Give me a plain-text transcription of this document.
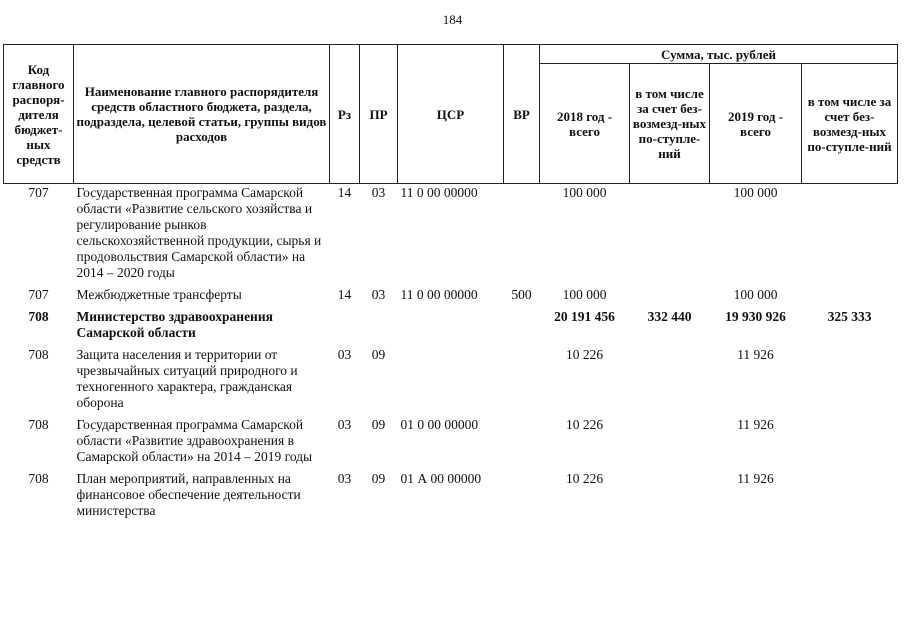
184
Код главного распоря-дителя бюджет-ных средств	Наименование главного распорядителя средств областного бюджета, раздела, подраздела, целевой статьи, группы видов расходов	Рз	ПР	ЦСР	ВР	Сумма, тыс. рублей			
						2018 год - всего	в том числе за счет без-возмезд-ных по-ступле-ний	2019 год - всего	в том числе за счет без-возмезд-ных по-ступле-ний
707	Государственная программа Самарской области «Развитие сельского хозяйства и регулирование рынков сельскохозяйственной продукции, сырья и продовольствия Самарской области» на 2014 – 2020 годы	14	03	11 0 00 00000		100 000		100 000	
707	Межбюджетные трансферты	14	03	11 0 00 00000	500	100 000		100 000	
708	Министерство здравоохранения Самарской области					20 191 456	332 440	19 930 926	325 333
708	Защита населения и территории от чрезвычайных ситуаций природного и техногенного характера, гражданская оборона	03	09			10 226		11 926	
708	Государственная программа Самарской области «Развитие здравоохранения в Самарской области» на 2014 – 2019 годы	03	09	01 0 00 00000		10 226		11 926	
708	План мероприятий, направленных на финансовое обеспечение деятельности министерства	03	09	01 А 00 00000		10 226		11 926	
